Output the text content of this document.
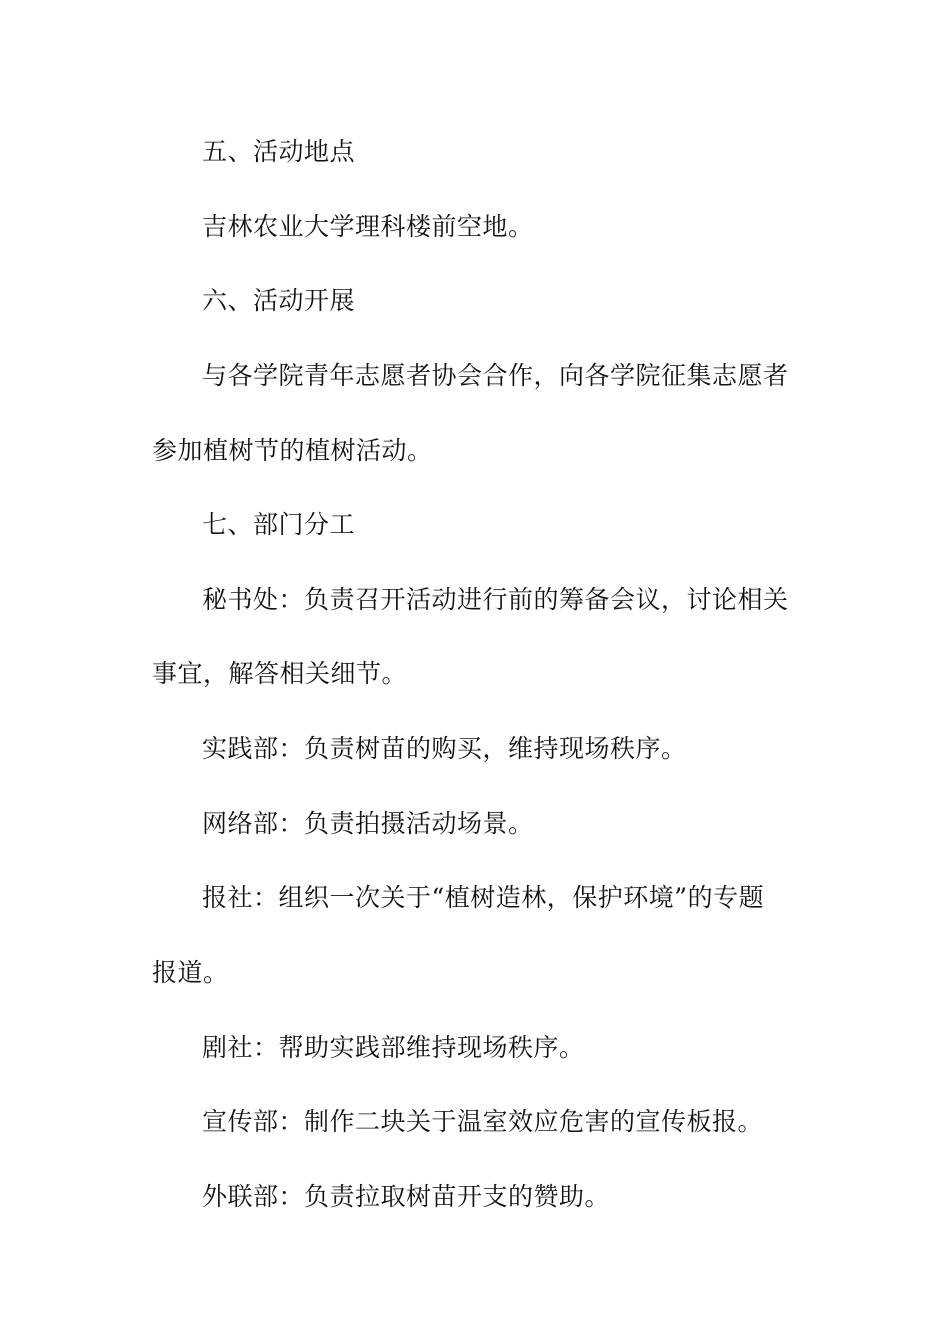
五、活动地点
吉林农业大学理科楼前空地。
六、活动开展
与各学院青年志愿者协会合作，向各学院征集志愿者
参加植树节的植树活动。
七、部门分工
秘书处：负责召开活动进行前的筹备会议，讨论相关
事宜，解答相关细节。
实践部：负责树苗的购买，维持现场秩序。
网络部：负责拍摄活动场景。
报社：组织一次关于“植树造林，保护环境”的专题
报道。
剧社：帮助实践部维持现场秩序。
宣传部：制作二块关于温室效应危害的宣传板报。
外联部：负责拉取树苗开支的赞助。
